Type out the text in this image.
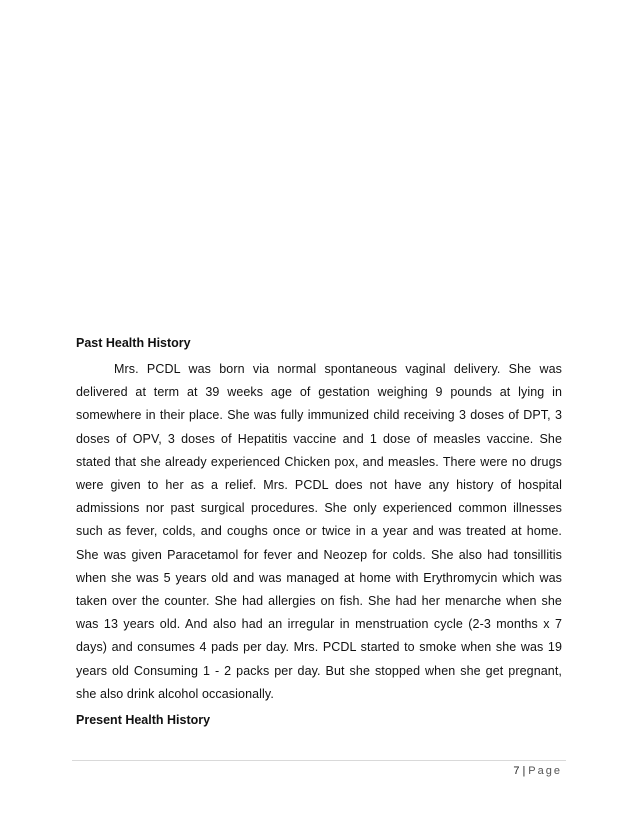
Past Health History

Mrs. PCDL was born via normal spontaneous vaginal delivery. She was delivered at term at 39 weeks age of gestation weighing 9 pounds at lying in somewhere in their place. She was fully immunized child receiving 3 doses of DPT, 3 doses of OPV, 3 doses of Hepatitis vaccine and 1 dose of measles vaccine. She stated that she already experienced Chicken pox, and measles. There were no drugs were given to her as a relief. Mrs. PCDL does not have any history of hospital admissions nor past surgical procedures. She only experienced common illnesses such as fever, colds, and coughs once or twice in a year and was treated at home. She was given Paracetamol for fever and Neozep for colds. She also had tonsillitis when she was 5 years old and was managed at home with Erythromycin which was taken over the counter. She had allergies on fish. She had her menarche when she was 13 years old. And also had an irregular in menstruation cycle (2-3 months x 7 days) and consumes 4 pads per day. Mrs. PCDL started to smoke when she was 19 years old Consuming 1 - 2 packs per day. But she stopped when she get pregnant, she also drink alcohol occasionally.

Present Health History

7 | Page
